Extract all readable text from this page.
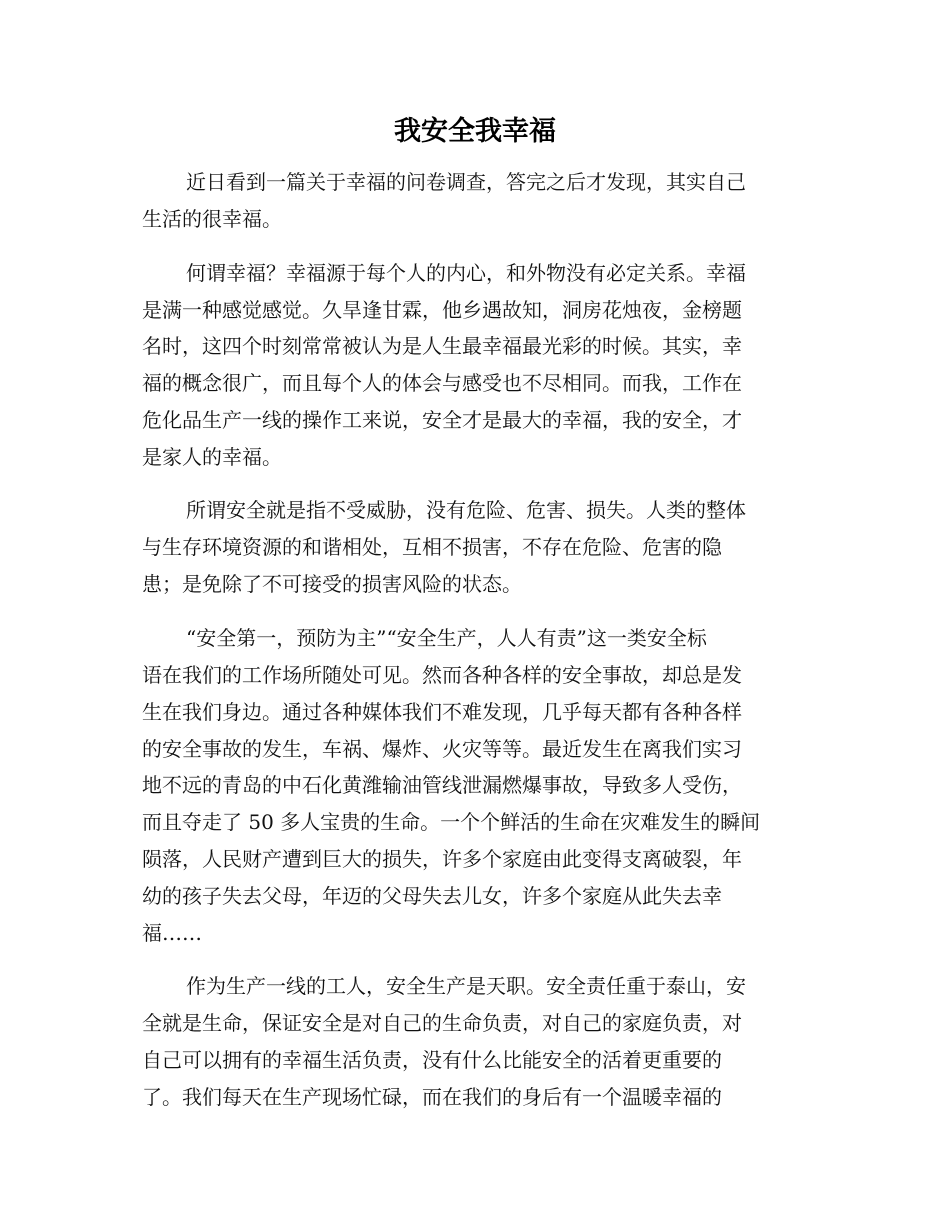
我安全我幸福

近日看到一篇关于幸福的问卷调查，答完之后才发现，其实自己

生活的很幸福。

何谓幸福？幸福源于每个人的内心，和外物没有必定关系。幸福

是满一种感觉感觉。久旱逢甘霖，他乡遇故知，洞房花烛夜，金榜题

名时，这四个时刻常常被认为是人生最幸福最光彩的时候。其实，幸

福的概念很广，而且每个人的体会与感受也不尽相同。而我，工作在

危化品生产一线的操作工来说，安全才是最大的幸福，我的安全，才

是家人的幸福。

所谓安全就是指不受威胁，没有危险、危害、损失。人类的整体

与生存环境资源的和谐相处，互相不损害，不存在危险、危害的隐

患；是免除了不可接受的损害风险的状态。

“安全第一，预防为主”“安全生产，人人有责”这一类安全标

语在我们的工作场所随处可见。然而各种各样的安全事故，却总是发

生在我们身边。通过各种媒体我们不难发现，几乎每天都有各种各样

的安全事故的发生，车祸、爆炸、火灾等等。最近发生在离我们实习

地不远的青岛的中石化黄潍输油管线泄漏燃爆事故，导致多人受伤，

而且夺走了 50 多人宝贵的生命。一个个鲜活的生命在灾难发生的瞬间

陨落，人民财产遭到巨大的损失，许多个家庭由此变得支离破裂，年

幼的孩子失去父母，年迈的父母失去儿女，许多个家庭从此失去幸

福……

作为生产一线的工人，安全生产是天职。安全责任重于泰山，安

全就是生命，保证安全是对自己的生命负责，对自己的家庭负责，对

自己可以拥有的幸福生活负责，没有什么比能安全的活着更重要的

了。我们每天在生产现场忙碌，而在我们的身后有一个温暖幸福的
